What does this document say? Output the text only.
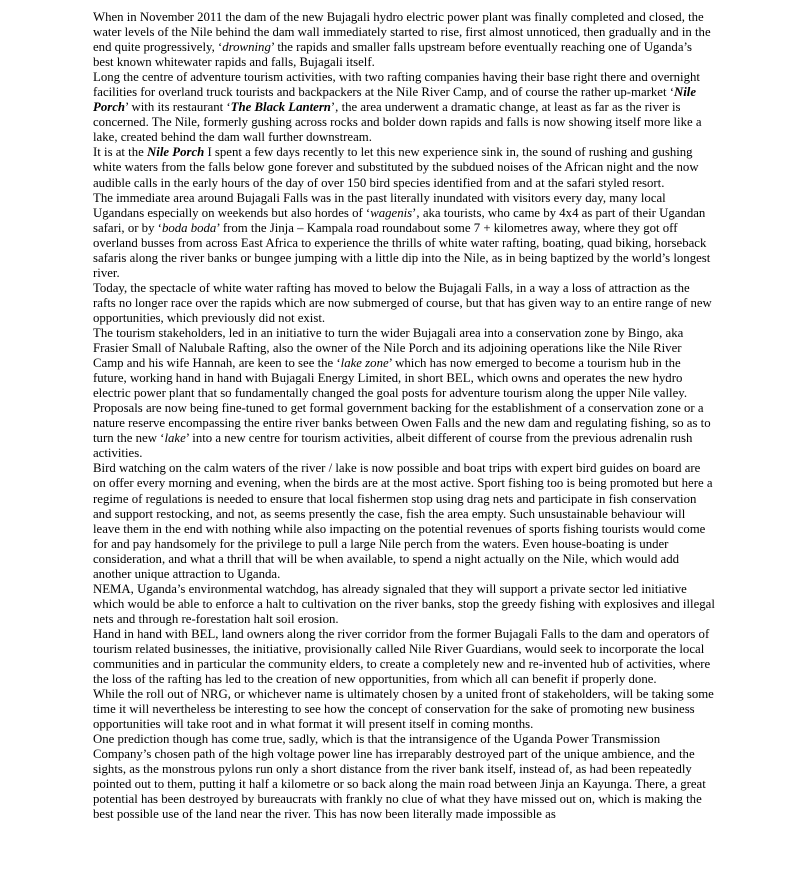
When in November 2011 the dam of the new Bujagali hydro electric power plant was finally completed and closed, the water levels of the Nile behind the dam wall immediately started to rise, first almost unnoticed, then gradually and in the end quite progressively, ‘drowning’ the rapids and smaller falls upstream before eventually reaching one of Uganda’s best known whitewater rapids and falls, Bujagali itself.

Long the centre of adventure tourism activities, with two rafting companies having their base right there and overnight facilities for overland truck tourists and backpackers at the Nile River Camp, and of course the rather up-market ‘Nile Porch’ with its restaurant ‘The Black Lantern’, the area underwent a dramatic change, at least as far as the river is concerned. The Nile, formerly gushing across rocks and bolder down rapids and falls is now showing itself more like a lake, created behind the dam wall further downstream.

It is at the Nile Porch I spent a few days recently to let this new experience sink in, the sound of rushing and gushing white waters from the falls below gone forever and substituted by the subdued noises of the African night and the now audible calls in the early hours of the day of over 150 bird species identified from and at the safari styled resort.

The immediate area around Bujagali Falls was in the past literally inundated with visitors every day, many local Ugandans especially on weekends but also hordes of ‘wagenis’, aka tourists, who came by 4x4 as part of their Ugandan safari, or by ‘boda boda’ from the Jinja – Kampala road roundabout some 7 + kilometres away, where they got off overland busses from across East Africa to experience the thrills of white water rafting, boating, quad biking, horseback safaris along the river banks or bungee jumping with a little dip into the Nile, as in being baptized by the world’s longest river.

Today, the spectacle of white water rafting has moved to below the Bujagali Falls, in a way a loss of attraction as the rafts no longer race over the rapids which are now submerged of course, but that has given way to an entire range of new opportunities, which previously did not exist.

The tourism stakeholders, led in an initiative to turn the wider Bujagali area into a conservation zone by Bingo, aka Frasier Small of Nalubale Rafting, also the owner of the Nile Porch and its adjoining operations like the Nile River Camp and his wife Hannah, are keen to see the ‘lake zone’ which has now emerged to become a tourism hub in the future, working hand in hand with Bujagali Energy Limited, in short BEL, which owns and operates the new hydro electric power plant that so fundamentally changed the goal posts for adventure tourism along the upper Nile valley. Proposals are now being fine-tuned to get formal government backing for the establishment of a conservation zone or a nature reserve encompassing the entire river banks between Owen Falls and the new dam and regulating fishing, so as to turn the new ‘lake’ into a new centre for tourism activities, albeit different of course from the previous adrenalin rush activities.

Bird watching on the calm waters of the river / lake is now possible and boat trips with expert bird guides on board are on offer every morning and evening, when the birds are at the most active. Sport fishing too is being promoted but here a regime of regulations is needed to ensure that local fishermen stop using drag nets and participate in fish conservation and support restocking, and not, as seems presently the case, fish the area empty. Such unsustainable behaviour will leave them in the end with nothing while also impacting on the potential revenues of sports fishing tourists would come for and pay handsomely for the privilege to pull a large Nile perch from the waters. Even house-boating is under consideration, and what a thrill that will be when available, to spend a night actually on the Nile, which would add another unique attraction to Uganda.

NEMA, Uganda’s environmental watchdog, has already signaled that they will support a private sector led initiative which would be able to enforce a halt to cultivation on the river banks, stop the greedy fishing with explosives and illegal nets and through re-forestation halt soil erosion.

Hand in hand with BEL, land owners along the river corridor from the former Bujagali Falls to the dam and operators of tourism related businesses, the initiative, provisionally called Nile River Guardians, would seek to incorporate the local communities and in particular the community elders, to create a completely new and re-invented hub of activities, where the loss of the rafting has led to the creation of new opportunities, from which all can benefit if properly done.

While the roll out of NRG, or whichever name is ultimately chosen by a united front of stakeholders, will be taking some time it will nevertheless be interesting to see how the concept of conservation for the sake of promoting new business opportunities will take root and in what format it will present itself in coming months.

One prediction though has come true, sadly, which is that the intransigence of the Uganda Power Transmission Company’s chosen path of the high voltage power line has irreparably destroyed part of the unique ambience, and the sights, as the monstrous pylons run only a short distance from the river bank itself, instead of, as had been repeatedly pointed out to them, putting it half a kilometre or so back along the main road between Jinja an Kayunga. There, a great potential has been destroyed by bureaucrats with frankly no clue of what they have missed out on, which is making the best possible use of the land near the river. This has now been literally made impossible as
